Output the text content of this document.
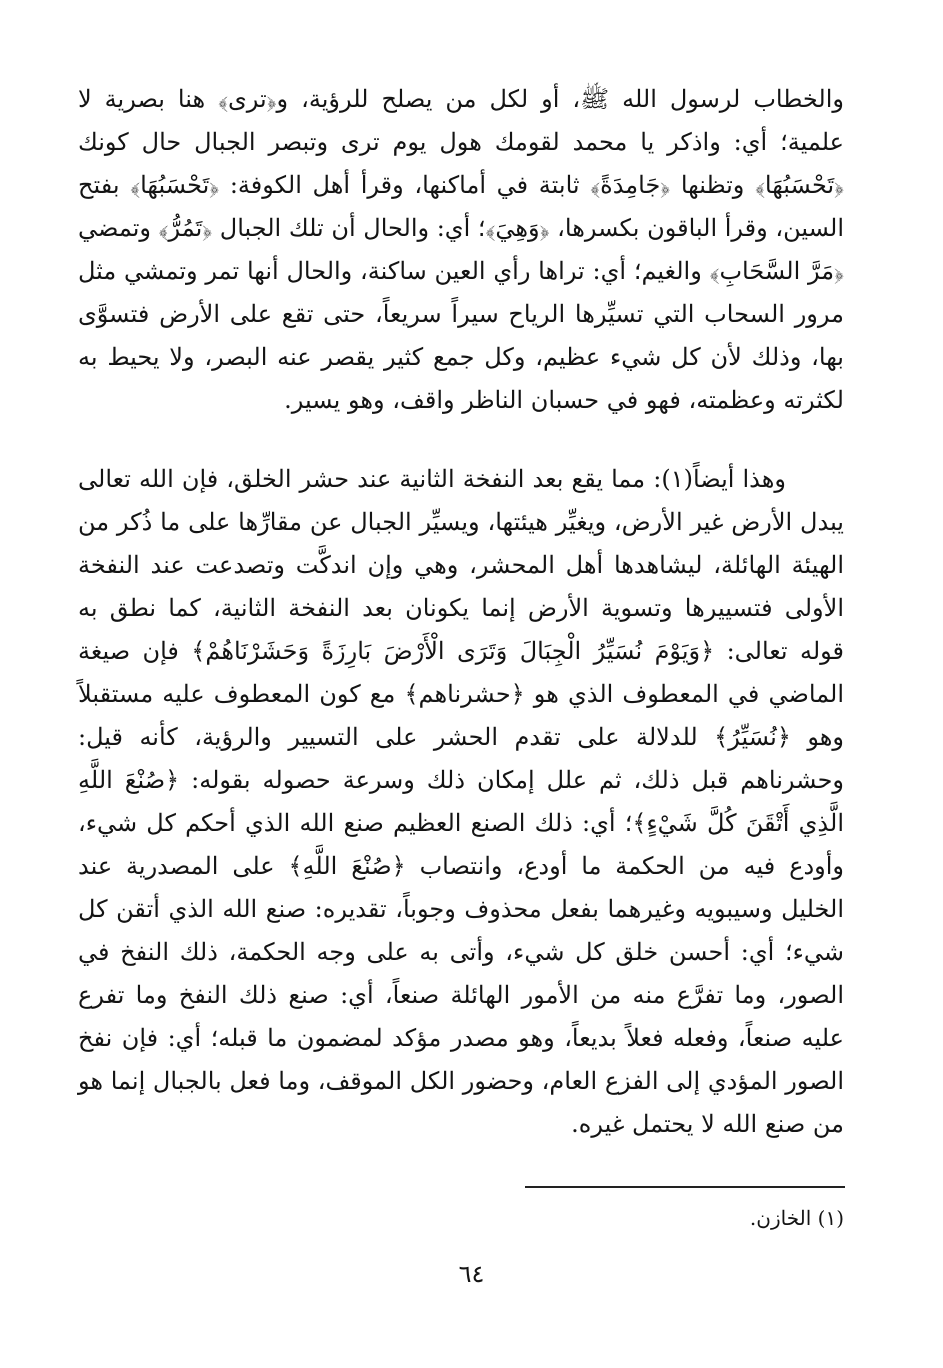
والخطاب لرسول الله ﷺ، أو لكل من يصلح للرؤية، و﴿ترى﴾ هنا بصرية لا علمية؛ أي: واذكر يا محمد لقومك هول يوم ترى وتبصر الجبال حال كونك ﴿تَحْسَبُهَا﴾ وتظنها ﴿جَامِدَةً﴾ ثابتة في أماكنها، وقرأ أهل الكوفة: ﴿تَحْسَبُهَا﴾ بفتح السين، وقرأ الباقون بكسرها، ﴿وَهِيَ﴾؛ أي: والحال أن تلك الجبال ﴿تَمُرُّ﴾ وتمضي ﴿مَرَّ السَّحَابِ﴾ والغيم؛ أي: تراها رأي العين ساكنة، والحال أنها تمر وتمشي مثل مرور السحاب التي تسيِّرها الرياح سيراً سريعاً، حتى تقع على الأرض فتسوَّى بها، وذلك لأن كل شيء عظيم، وكل جمع كثير يقصر عنه البصر، ولا يحيط به لكثرته وعظمته، فهو في حسبان الناظر واقف، وهو يسير.

وهذا أيضاً(١): مما يقع بعد النفخة الثانية عند حشر الخلق، فإن الله تعالى يبدل الأرض غير الأرض، ويغيِّر هيئتها، ويسيِّر الجبال عن مقارِّها على ما ذُكر من الهيئة الهائلة، ليشاهدها أهل المحشر، وهي وإن اندكَّت وتصدعت عند النفخة الأولى فتسييرها وتسوية الأرض إنما يكونان بعد النفخة الثانية، كما نطق به قوله تعالى: ﴿وَيَوْمَ نُسَيِّرُ الْجِبَالَ وَتَرَى الْأَرْضَ بَارِزَةً وَحَشَرْنَاهُمْ﴾ فإن صيغة الماضي في المعطوف الذي هو ﴿حشرناهم﴾ مع كون المعطوف عليه مستقبلاً وهو ﴿نُسَيِّرُ﴾ للدلالة على تقدم الحشر على التسيير والرؤية، كأنه قيل: وحشرناهم قبل ذلك، ثم علل إمكان ذلك وسرعة حصوله بقوله: ﴿صُنْعَ اللَّهِ الَّذِي أَتْقَنَ كُلَّ شَيْءٍ﴾؛ أي: ذلك الصنع العظيم صنع الله الذي أحكم كل شيء، وأودع فيه من الحكمة ما أودع، وانتصاب ﴿صُنْعَ اللَّهِ﴾ على المصدرية عند الخليل وسيبويه وغيرهما بفعل محذوف وجوباً، تقديره: صنع الله الذي أتقن كل شيء؛ أي: أحسن خلق كل شيء، وأتى به على وجه الحكمة، ذلك النفخ في الصور، وما تفرَّع منه من الأمور الهائلة صنعاً، أي: صنع ذلك النفخ وما تفرع عليه صنعاً، وفعله فعلاً بديعاً، وهو مصدر مؤكد لمضمون ما قبله؛ أي: فإن نفخ الصور المؤدي إلى الفزع العام، وحضور الكل الموقف، وما فعل بالجبال إنما هو من صنع الله لا يحتمل غيره.

(١) الخازن.

٦٤
